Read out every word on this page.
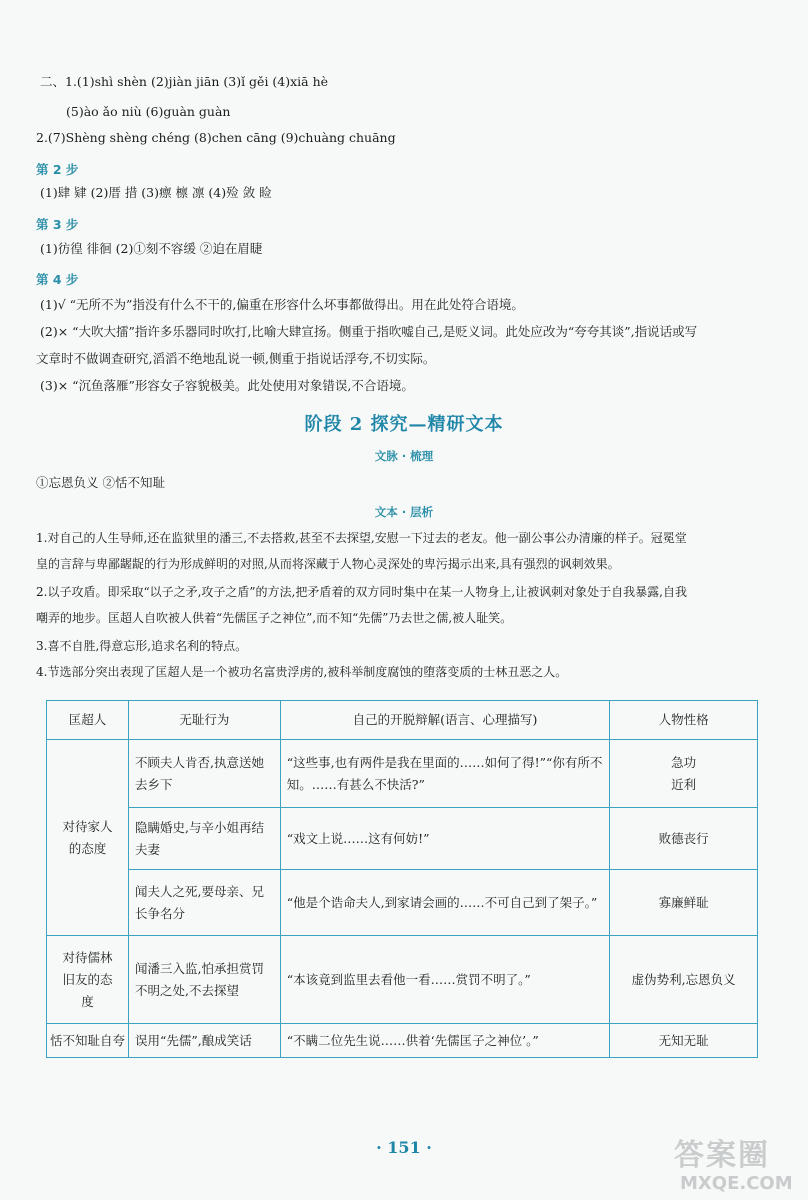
二、1.(1)shì shèn (2)jiàn jiān (3)ǐ gěi (4)xiā hè
(5)ào ǎo niù (6)guàn guàn
2.(7)Shèng shèng chéng (8)chen cāng (9)chuàng chuāng
第 2 步
(1)肆 肄 (2)厝 措 (3)瘭 檩 凛 (4)殓 敛 睑
第 3 步
(1)彷徨 徘徊 (2)①刻不容缓 ②迫在眉睫
第 4 步
(1)√ “无所不为”指没有什么不干的,偏重在形容什么坏事都做得出。用在此处符合语境。
(2)× “大吹大擂”指许多乐器同时吹打,比喻大肆宣扬。侧重于指吹嘘自己,是贬义词。此处应改为“夸夸其谈”,指说话或写
文章时不做调查研究,滔滔不绝地乱说一顿,侧重于指说话浮夸,不切实际。
(3)× “沉鱼落雁”形容女子容貌极美。此处使用对象错误,不合语境。
阶段 2 探究—精研文本
文脉 · 梳理
①忘恩负义 ②恬不知耻
文本 · 层析
1.对自己的人生导师,还在监狱里的潘三,不去搭救,甚至不去探望,安慰一下过去的老友。他一副公事公办清廉的样子。冠冕堂
皇的言辞与卑鄙龌龊的行为形成鲜明的对照,从而将深藏于人物心灵深处的卑污揭示出来,具有强烈的讽刺效果。
2.以子攻盾。即采取“以子之矛,攻子之盾”的方法,把矛盾着的双方同时集中在某一人物身上,让被讽刺对象处于自我暴露,自我
嘲弄的地步。匡超人自吹被人供着“先儒匡子之神位”,而不知“先儒”乃去世之儒,被人耻笑。
3.喜不自胜,得意忘形,追求名利的特点。
4.节选部分突出表现了匡超人是一个被功名富贵浮虏的,被科举制度腐蚀的堕落变质的士林丑恶之人。
匡超人	无耻行为	自己的开脱辩解(语言、心理描写)	人物性格
对待家人的态度	不顾夫人肯否,执意送她去乡下	“这些事,也有两件是我在里面的……如何了得!”“你有所不知。……有甚么不快活?”	急功
近利

	隐瞒婚史,与辛小姐再结夫妻	“戏文上说……这有何妨!”	败德丧行
	闻夫人之死,要母亲、兄长争名分	“他是个诰命夫人,到家请会画的……不可自己到了架子。”	寡廉鲜耻
对待儒林旧友的态度	闻潘三入监,怕承担赏罚不明之处,不去探望	“本该竟到监里去看他一看……赏罚不明了。”	虚伪势利,忘恩负义
恬不知耻自夸	误用“先儒”,酿成笑话	“不瞒二位先生说……供着‘先儒匡子之神位’。”	无知无耻
· 151 ·	答案圈
MXQE.COM
